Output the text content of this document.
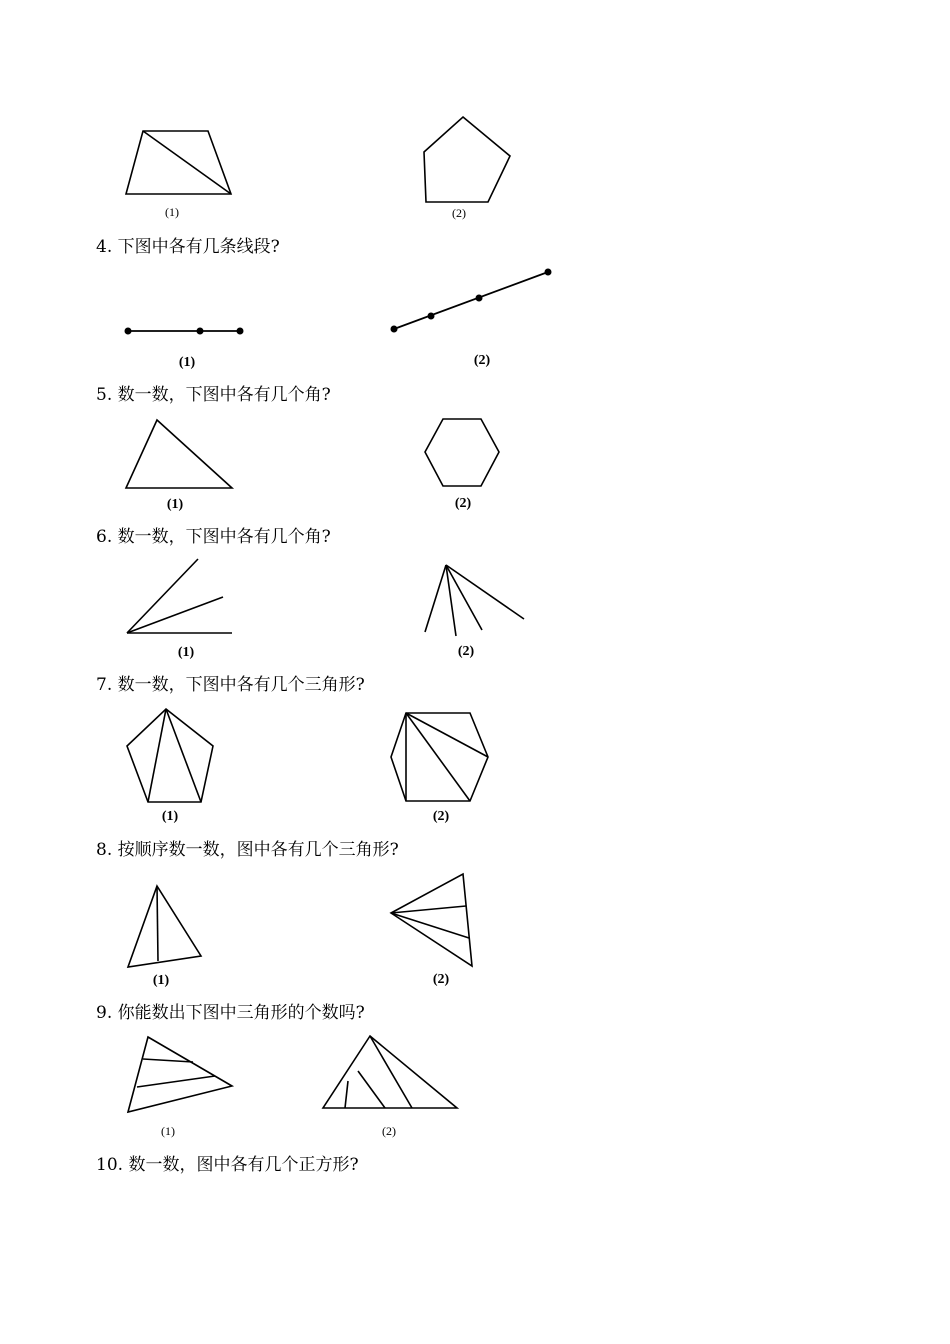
(1)	(2)
4. 下图中各有几条线段?
(1)	(2)
5. 数一数，下图中各有几个角?
(1)	(2)
6. 数一数，下图中各有几个角?
(1)	(2)
7. 数一数，下图中各有几个三角形?
(1)	(2)
8. 按顺序数一数，图中各有几个三角形?
(1)	(2)
9. 你能数出下图中三角形的个数吗?
(1)	(2)
10. 数一数，图中各有几个正方形?
